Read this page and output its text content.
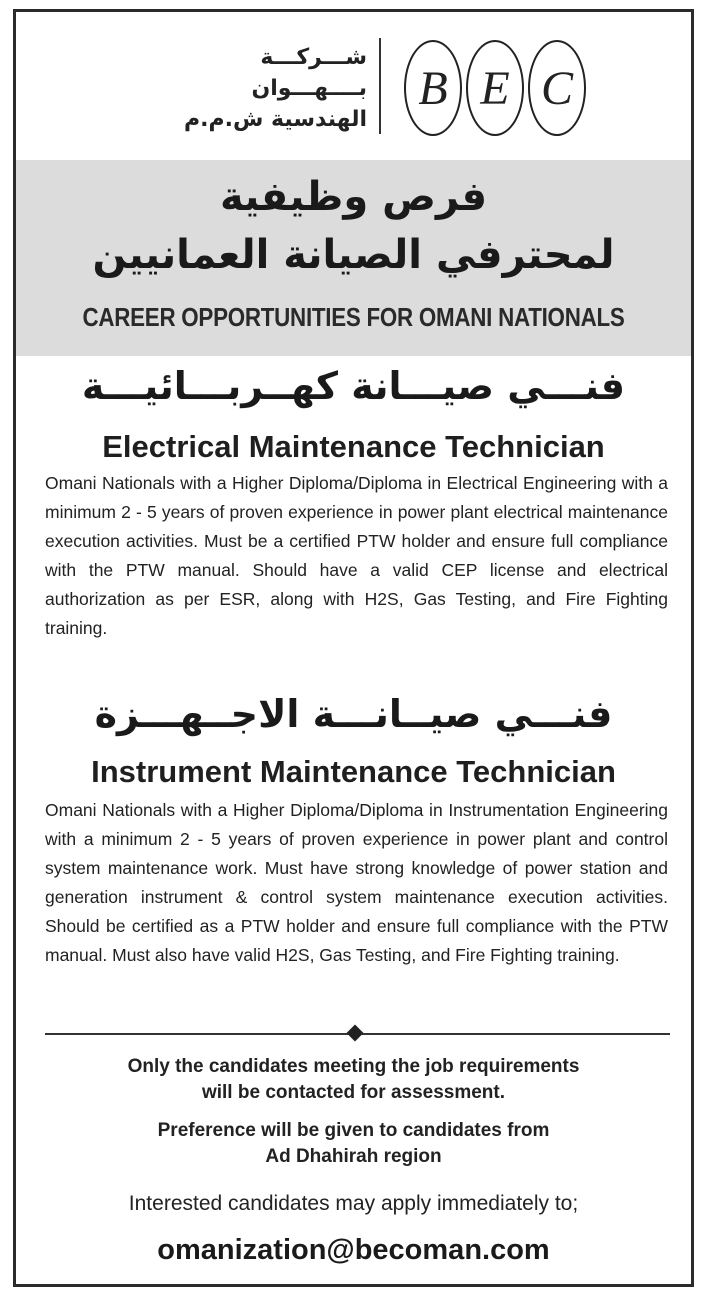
شـــركـــة
بــــهـــوان
الهندسية ش.م.م
B E C
فرص وظيفية
لمحترفي الصيانة العمانيين
CAREER OPPORTUNITIES FOR OMANI NATIONALS
فنـــي صيـــانة كهــربـــائيـــة
Electrical Maintenance Technician
Omani Nationals with a Higher Diploma/Diploma in Electrical Engineering with a minimum 2 - 5 years of proven experience in power plant electrical maintenance execution activities. Must be a certified PTW holder and ensure full compliance with the PTW manual. Should have a valid CEP license and electrical authorization as per ESR, along with H2S, Gas Testing, and Fire Fighting training.
فنـــي صيــانـــة الاجــهـــزة
Instrument Maintenance Technician
Omani Nationals with a Higher Diploma/Diploma in Instrumentation Engineering with a minimum 2 - 5 years of proven experience in power plant and control system maintenance work. Must have strong knowledge of power station and generation instrument & control system maintenance execution activities. Should be certified as a PTW holder and ensure full compliance with the PTW manual. Must also have valid H2S, Gas Testing, and Fire Fighting training.
Only the candidates meeting the job requirements
will be contacted for assessment.
Preference will be given to candidates from
Ad Dhahirah region
Interested candidates may apply immediately to;
omanization@becoman.com
